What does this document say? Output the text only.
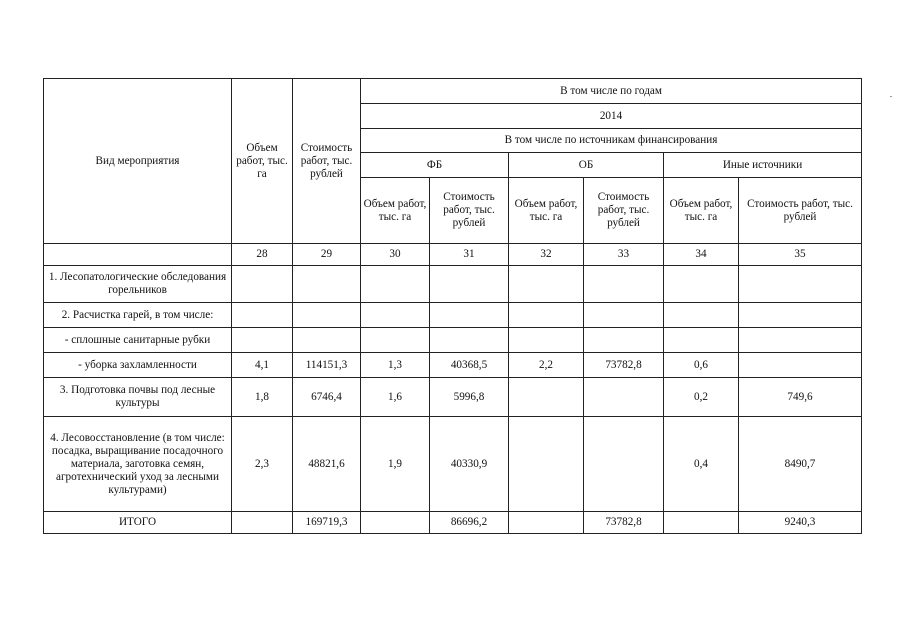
Вид мероприятия	Объем работ, тыс. га	Стоимость работ, тыс. рублей	В том числе по годам					
			2014					
			В том числе по источникам финансирования					
			ФБ		ОБ		Иные источники	
			Объем работ, тыс. га	Стоимость работ, тыс. рублей	Объем работ, тыс. га	Стоимость работ, тыс. рублей	Объем работ, тыс. га	Стоимость работ, тыс. рублей
	28	29	30	31	32	33	34	35
1. Лесопатологические обследования горельников								
2. Расчистка гарей, в том числе:								
- сплошные санитарные рубки								
- уборка захламленности	4,1	114151,3	1,3	40368,5	2,2	73782,8	0,6	
3. Подготовка почвы под лесные культуры	1,8	6746,4	1,6	5996,8			0,2	749,6
4. Лесовосстановление (в том числе: посадка, выращивание посадочного материала, заготовка семян, агротехнический уход за лесными культурами)	2,3	48821,6	1,9	40330,9			0,4	8490,7
ИТОГО		169719,3		86696,2		73782,8		9240,3
